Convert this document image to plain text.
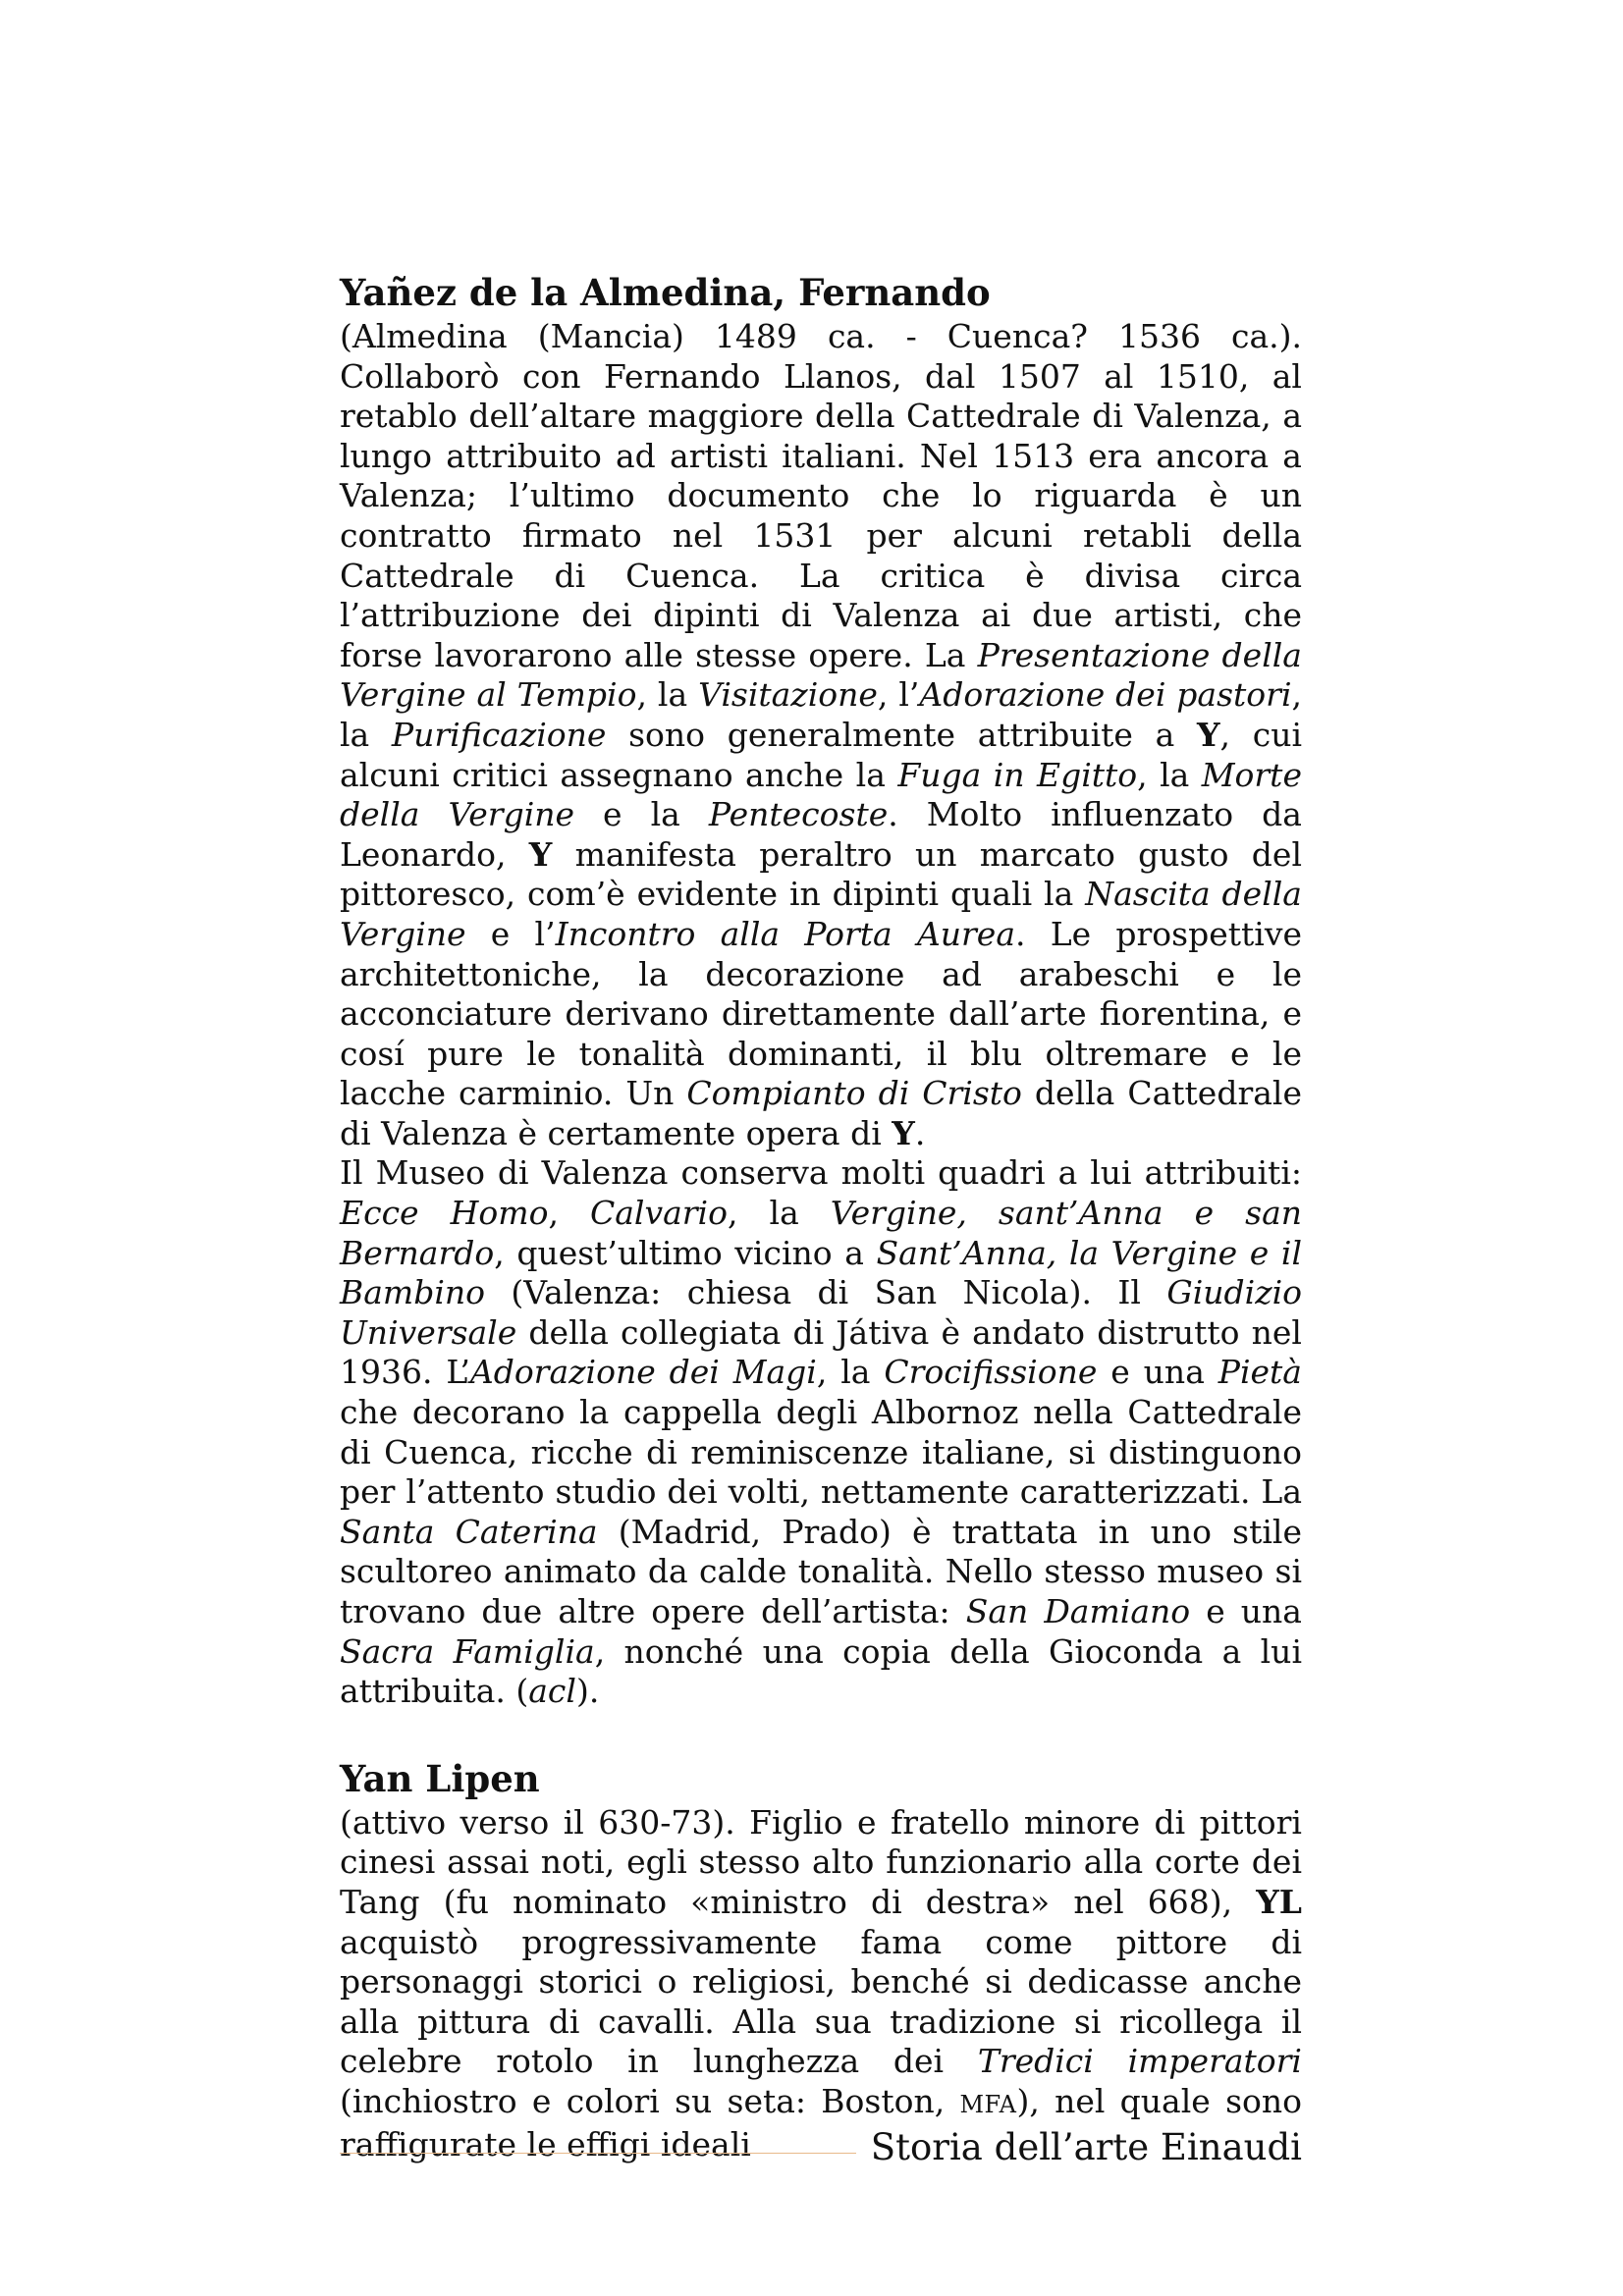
Yañez de la Almedina, Fernando

(Almedina (Mancia) 1489 ca. - Cuenca? 1536 ca.). Collaborò con Fernando Llanos, dal 1507 al 1510, al retablo dell’altare maggiore della Cattedrale di Valenza, a lungo attribuito ad artisti italiani. Nel 1513 era ancora a Valenza; l’ultimo documento che lo riguarda è un contratto firmato nel 1531 per alcuni retabli della Cattedrale di Cuenca. La critica è divisa circa l’attribuzione dei dipinti di Valenza ai due artisti, che forse lavorarono alle stesse opere. La Presentazione della Vergine al Tempio, la Visitazione, l’Adorazione dei pastori, la Purificazione sono generalmente attribuite a Y, cui alcuni critici assegnano anche la Fuga in Egitto, la Morte della Vergine e la Pentecoste. Molto influenzato da Leonardo, Y manifesta peraltro un marcato gusto del pittoresco, com’è evidente in dipinti quali la Nascita della Vergine e l’Incontro alla Porta Aurea. Le prospettive architettoniche, la decorazione ad arabeschi e le acconciature derivano direttamente dall’arte fiorentina, e cosí pure le tonalità dominanti, il blu oltremare e le lacche carminio. Un Compianto di Cristo della Cattedrale di Valenza è certamente opera di Y.

Il Museo di Valenza conserva molti quadri a lui attribuiti: Ecce Homo, Calvario, la Vergine, sant’Anna e san Bernardo, quest’ultimo vicino a Sant’Anna, la Vergine e il Bambino (Valenza: chiesa di San Nicola). Il Giudizio Universale della collegiata di Játiva è andato distrutto nel 1936. L’Adorazione dei Magi, la Crocifissione e una Pietà che decorano la cappella degli Albornoz nella Cattedrale di Cuenca, ricche di reminiscenze italiane, si distinguono per l’attento studio dei volti, nettamente caratterizzati. La Santa Caterina (Madrid, Prado) è trattata in uno stile scultoreo animato da calde tonalità. Nello stesso museo si trovano due altre opere dell’artista: San Damiano e una Sacra Famiglia, nonché una copia della Gioconda a lui attribuita. (acl).

Yan Lipen

(attivo verso il 630-73). Figlio e fratello minore di pittori cinesi assai noti, egli stesso alto funzionario alla corte dei Tang (fu nominato «ministro di destra» nel 668), YL acquistò progressivamente fama come pittore di personaggi storici o religiosi, benché si dedicasse anche alla pittura di cavalli. Alla sua tradizione si ricollega il celebre rotolo in lunghezza dei Tredici imperatori (inchiostro e colori su seta: Boston, MFA), nel quale sono raffigurate le effigi ideali	Storia dell’arte Einaudi
